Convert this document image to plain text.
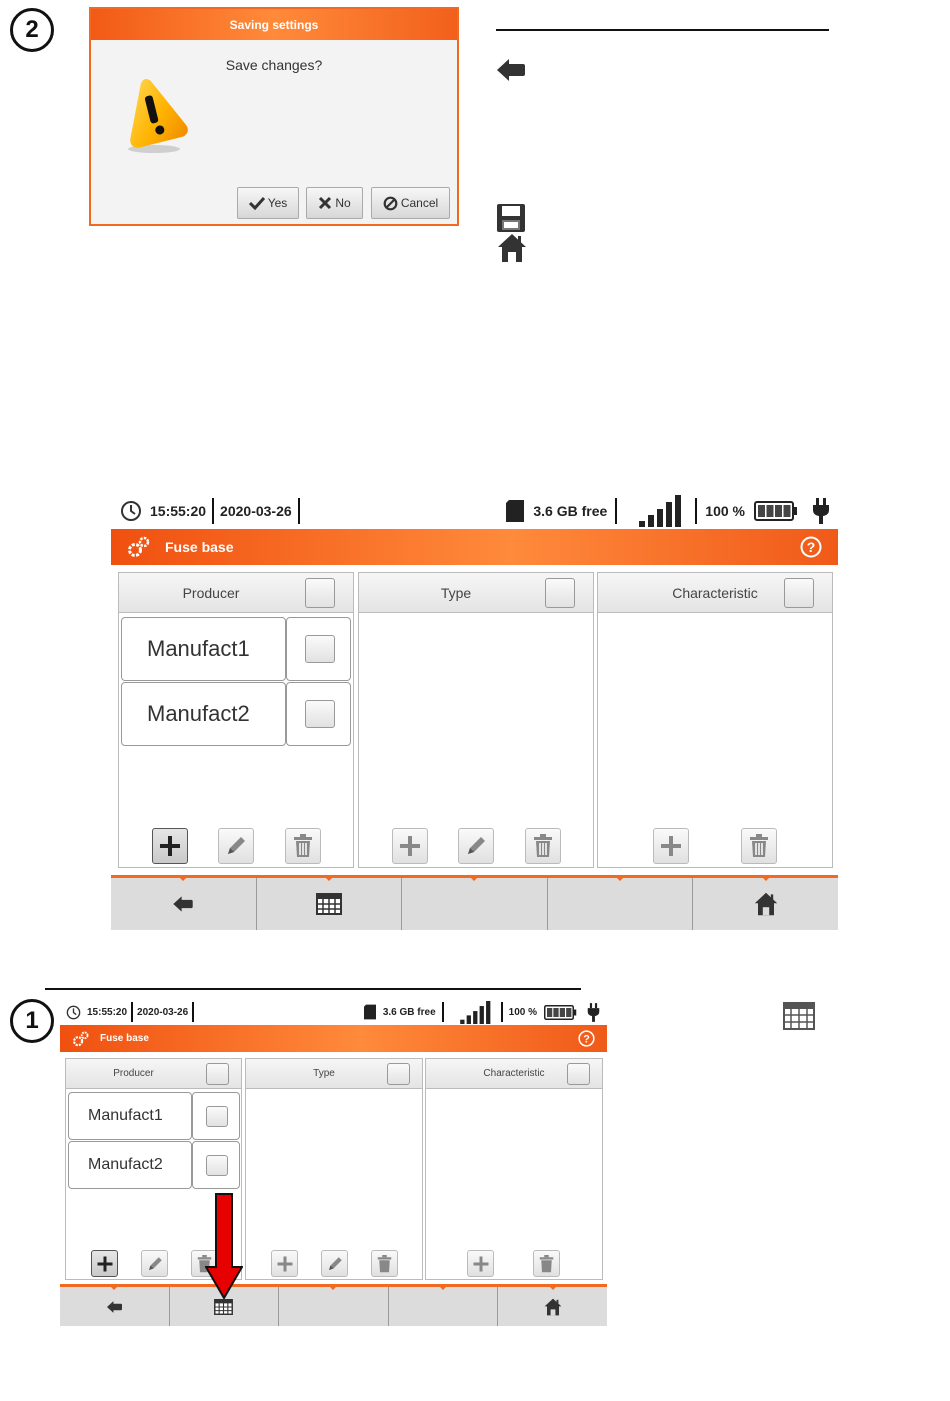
2	Saving settings
Save changes?
Yes	No	Cancel
15:55:20 2020-03-26	3.6 GB free	100 %
Fuse base	?
Producer
Manufact1
Manufact2
Type	Characteristic
1	15:55:20 2020-03-26	3.6 GB free	100 %
Fuse base	?
Producer
Manufact1
Manufact2
Type	Characteristic
